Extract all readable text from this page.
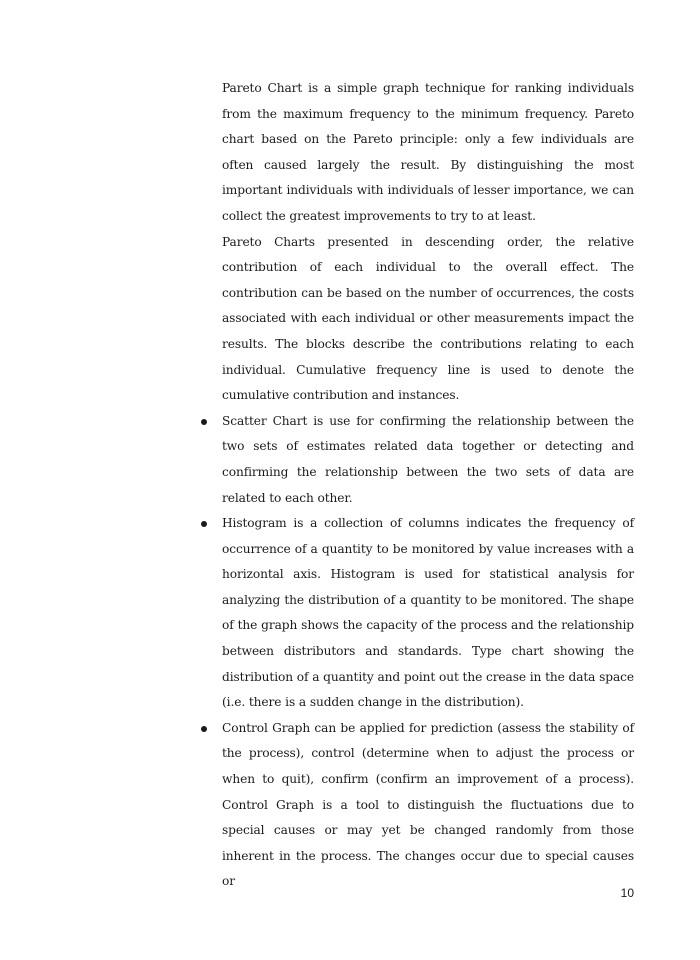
Pareto Chart is a simple graph technique for ranking individuals from the maximum frequency to the minimum frequency. Pareto chart based on the Pareto principle: only a few individuals are often caused largely the result. By distinguishing the most important individuals with individuals of lesser importance, we can collect the greatest improvements to try to at least.

Pareto Charts presented in descending order, the relative contribution of each individual to the overall effect. The contribution can be based on the number of occurrences, the costs associated with each individual or other measurements impact the results. The blocks describe the contributions relating to each individual. Cumulative frequency line is used to denote the cumulative contribution and instances.

Scatter Chart is use for confirming the relationship between the two sets of estimates related data together or detecting and confirming the relationship between the two sets of data are related to each other.

Histogram is a collection of columns indicates the frequency of occurrence of a quantity to be monitored by value increases with a horizontal axis. Histogram is used for statistical analysis for analyzing the distribution of a quantity to be monitored. The shape of the graph shows the capacity of the process and the relationship between distributors and standards. Type chart showing the distribution of a quantity and point out the crease in the data space (i.e. there is a sudden change in the distribution).

Control Graph can be applied for prediction (assess the stability of the process), control (determine when to adjust the process or when to quit), confirm (confirm an improvement of a process). Control Graph is a tool to distinguish the fluctuations due to special causes or may yet be changed randomly from those inherent in the process. The changes occur due to special causes or

10
